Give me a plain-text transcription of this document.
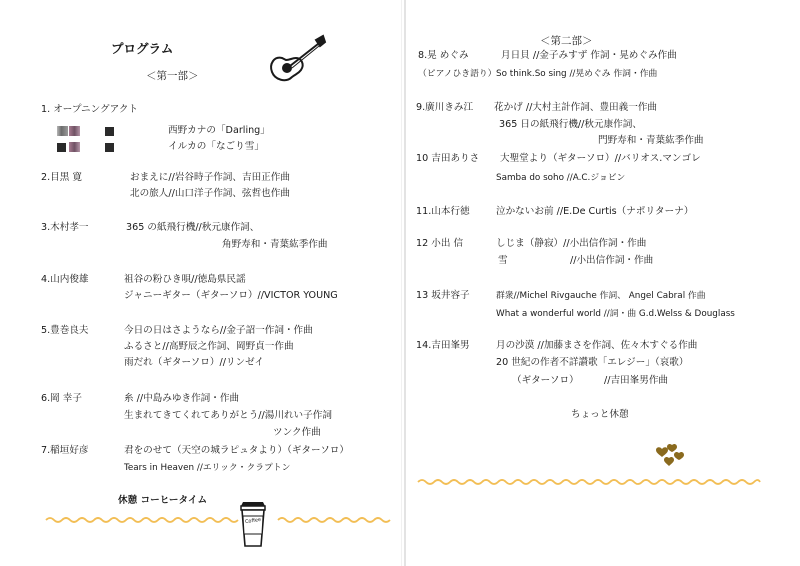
プログラム
＜第一部＞
1. オープニングアクト
西野カナの「Darling」
イルカの「なごり雪」
2.目黒 寛	おまえに//岩谷時子作詞、吉田正作曲
北の旅人//山口洋子作詞、弦哲也作曲
3.木村孝一	365 の紙飛行機//秋元康作詞、
角野寿和・青葉紘季作曲
4.山内俊雄	祖谷の粉ひき唄//徳島県民謡
ジャニーギター（ギターソロ）//VICTOR YOUNG
5.豊巻良夫	今日の日はさようなら//金子詔一作詞・作曲
ふるさと//高野辰之作詞、岡野貞一作曲
雨だれ（ギターソロ）//リンゼイ
6.岡 幸子	糸 //中島みゆき作詞・作曲
生まれてきてくれてありがとう//湯川れい子作詞
ツンク作曲
7.稲垣好彦	君をのせて（天空の城ラピュタより）（ギターソロ）
Tears in Heaven //エリック・クラプトン
休憩 コーヒータイム
Coffee
＜第二部＞
8.晃 めぐみ	月日貝 //金子みすず 作詞・晃めぐみ作曲
（ピアノひき語り） So think.So sing //晃めぐみ 作詞・作曲
9.廣川きみ江 花かげ //大村主計作詞、豊田義一作曲
365 日の紙飛行機//秋元康作詞、
門野寿和・青葉紘季作曲
10 吉田ありさ 大聖堂より（ギターソロ）//バリオス.マンゴレ
Samba do soho //A.C.ジョビン
11.山本行徳	泣かないお前 //E.De Curtis（ナポリターナ）
12 小出 信	しじま（静寂）//小出信作詞・作曲
雪	//小出信作詞・作曲
13 坂井容子	群衆//Michel Rivgauche 作詞、 Angel Cabral 作曲
What a wonderful world //詞・曲 G.d.Welss & Douglass
14.吉田峯男	月の沙漠 //加藤まさを作詞、佐々木すぐる作曲
20 世紀の作者不詳讃歌「エレジー」（哀歌）
（ギターソロ）	//吉田峯男作曲
ちょっと休憩
